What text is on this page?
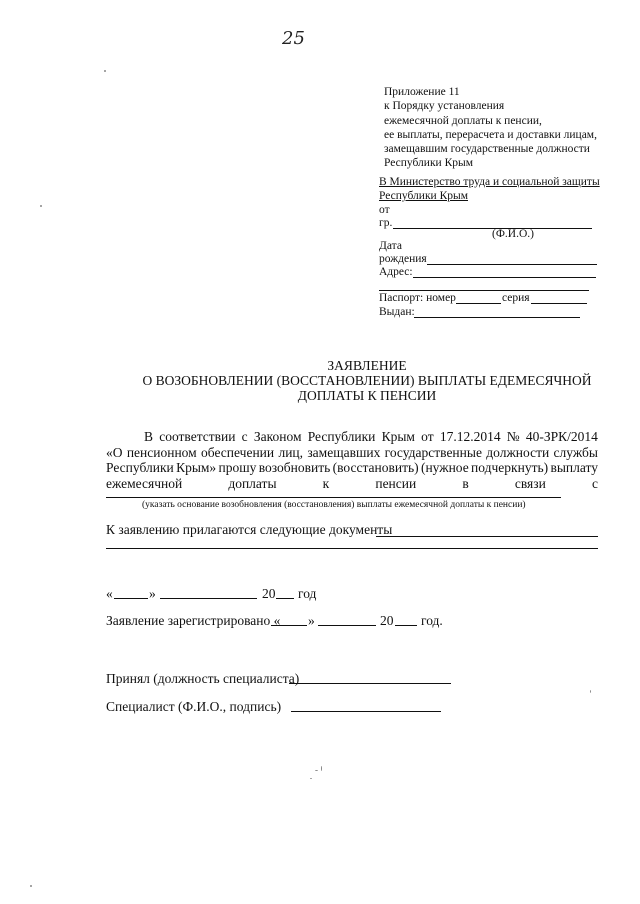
25
Приложение 11
к Порядку установления
ежемесячной доплаты к пенсии,
ее выплаты, перерасчета и доставки лицам,
замещавшим государственные должности
Республики Крым
В Министерство труда и социальной защиты
Республики Крым
от
гр.
(Ф.И.О.)
Дата
рождения
Адрес:
Паспорт: номер	серия
Выдан:
ЗАЯВЛЕНИЕ
О ВОЗОБНОВЛЕНИИ (ВОССТАНОВЛЕНИИ) ВЫПЛАТЫ ЕДЕМЕСЯЧНОЙ
ДОПЛАТЫ К ПЕНСИИ
В соответствии с Законом Республики Крым от 17.12.2014 № 40-ЗРК/2014
«О пенсионном обеспечении лиц, замещавших государственные должности службы
Республики Крым» прошу возобновить (восстановить) (нужное подчеркнуть) выплату
ежемесячной	доплаты	к	пенсии	в	связи	с
(указать основание возобновления (восстановления) выплаты ежемесячной доплаты к пенсии)
К заявлению прилагаются следующие документы
«	»	20 год
Заявление зарегистрировано « »	20 год.
Принял (должность специалиста)
Специалист (Ф.И.О., подпись)
